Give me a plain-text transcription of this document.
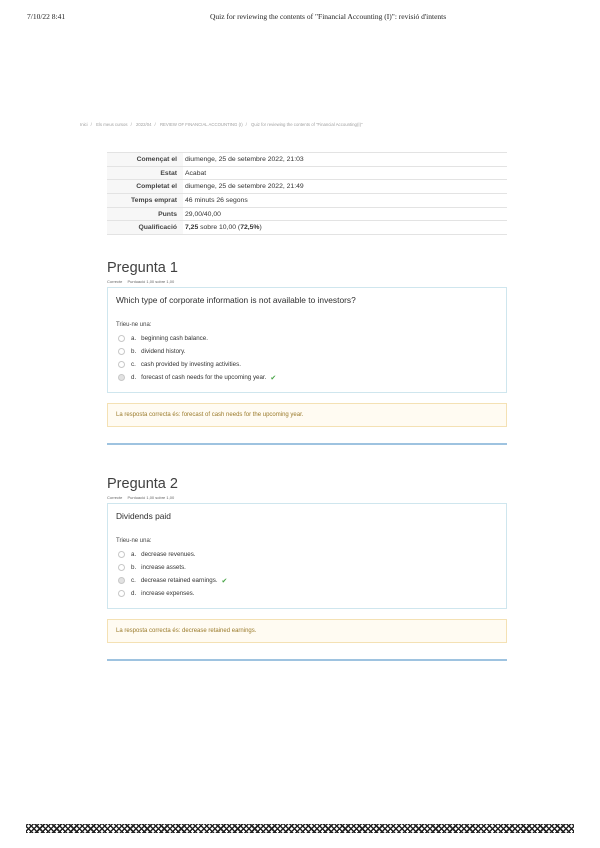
7/10/22 8:41	Quiz for reviewing the contents of "Financial Accounting (I)": revisió d'intents
Inici / Els meus cursos / 2022/04 / REVIEW OF FINANCIAL ACCOUNTING (I) / Quiz for reviewing the contents of "Financial Accounting(I)"
Començat el	diumenge, 25 de setembre 2022, 21:03
Estat	Acabat
Completat el	diumenge, 25 de setembre 2022, 21:49
Temps emprat	46 minuts 26 segons
Punts	29,00/40,00
Qualificació	7,25 sobre 10,00 (72,5%)
Pregunta 1
Correcte Puntuació 1,00 sobre 1,00

Which type of corporate information is not available to investors?

Trieu-ne una:
a. beginning cash balance.
b. dividend history.
c. cash provided by investing activities.
d. forecast of cash needs for the upcoming year. ✔
La resposta correcta és: forecast of cash needs for the upcoming year.
Pregunta 2
Correcte Puntuació 1,00 sobre 1,00

Dividends paid

Trieu-ne una:
a. decrease revenues.
b. increase assets.
c. decrease retained earnings. ✔
d. increase expenses.
La resposta correcta és: decrease retained earnings.
